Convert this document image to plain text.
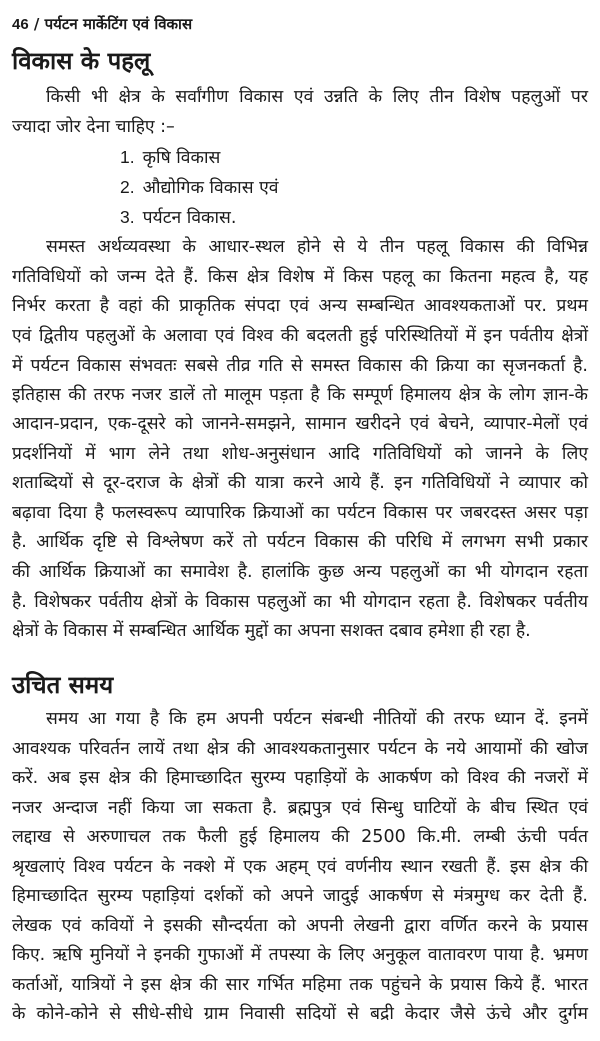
46 / पर्यटन मार्केटिंग एवं विकास
विकास के पहलू
किसी भी क्षेत्र के सर्वांगीण विकास एवं उन्नति के लिए तीन विशेष पहलुओं पर
ज्यादा जोर देना चाहिए :–
1. कृषि विकास
2. औद्योगिक विकास एवं
3. पर्यटन विकास.
समस्त अर्थव्यवस्था के आधार-स्थल होने से ये तीन पहलू विकास की विभिन्न
गतिविधियों को जन्म देते हैं. किस क्षेत्र विशेष में किस पहलू का कितना महत्व है, यह
निर्भर करता है वहां की प्राकृतिक संपदा एवं अन्य सम्बन्धित आवश्यकताओं पर. प्रथम
एवं द्वितीय पहलुओं के अलावा एवं विश्व की बदलती हुई परिस्थितियों में इन पर्वतीय क्षेत्रों
में पर्यटन विकास संभवतः सबसे तीव्र गति से समस्त विकास की क्रिया का सृजनकर्ता है.
इतिहास की तरफ नजर डालें तो मालूम पड़ता है कि सम्पूर्ण हिमालय क्षेत्र के लोग ज्ञान-के
आदान-प्रदान, एक-दूसरे को जानने-समझने, सामान खरीदने एवं बेचने, व्यापार-मेलों एवं
प्रदर्शनियों में भाग लेने तथा शोध-अनुसंधान आदि गतिविधियों को जानने के लिए
शताब्दियों से दूर-दराज के क्षेत्रों की यात्रा करने आये हैं. इन गतिविधियों ने व्यापार को
बढ़ावा दिया है फलस्वरूप व्यापारिक क्रियाओं का पर्यटन विकास पर जबरदस्त असर पड़ा
है. आर्थिक दृष्टि से विश्लेषण करें तो पर्यटन विकास की परिधि में लगभग सभी प्रकार
की आर्थिक क्रियाओं का समावेश है. हालांकि कुछ अन्य पहलुओं का भी योगदान रहता
है. विशेषकर पर्वतीय क्षेत्रों के विकास पहलुओं का भी योगदान रहता है. विशेषकर पर्वतीय
क्षेत्रों के विकास में सम्बन्धित आर्थिक मुद्दों का अपना सशक्त दबाव हमेशा ही रहा है.
उचित समय
समय आ गया है कि हम अपनी पर्यटन संबन्धी नीतियों की तरफ ध्यान दें. इनमें
आवश्यक परिवर्तन लायें तथा क्षेत्र की आवश्यकतानुसार पर्यटन के नये आयामों की खोज
करें. अब इस क्षेत्र की हिमाच्छादित सुरम्य पहाड़ियों के आकर्षण को विश्व की नजरों में
नजर अन्दाज नहीं किया जा सकता है. ब्रह्मपुत्र एवं सिन्धु घाटियों के बीच स्थित एवं
लद्दाख से अरुणाचल तक फैली हुई हिमालय की 2500 कि.मी. लम्बी ऊंची पर्वत
श्रृखलाएं विश्व पर्यटन के नक्शे में एक अहम् एवं वर्णनीय स्थान रखती हैं. इस क्षेत्र की
हिमाच्छादित सुरम्य पहाड़ियां दर्शकों को अपने जादुई आकर्षण से मंत्रमुग्ध कर देती हैं.
लेखक एवं कवियों ने इसकी सौन्दर्यता को अपनी लेखनी द्वारा वर्णित करने के प्रयास
किए. ऋषि मुनियों ने इनकी गुफाओं में तपस्या के लिए अनुकूल वातावरण पाया है. भ्रमण
कर्ताओं, यात्रियों ने इस क्षेत्र की सार गर्भित महिमा तक पहुंचने के प्रयास किये हैं. भारत
के कोने-कोने से सीधे-सीधे ग्राम निवासी सदियों से बद्री केदार जैसे ऊंचे और दुर्गम
